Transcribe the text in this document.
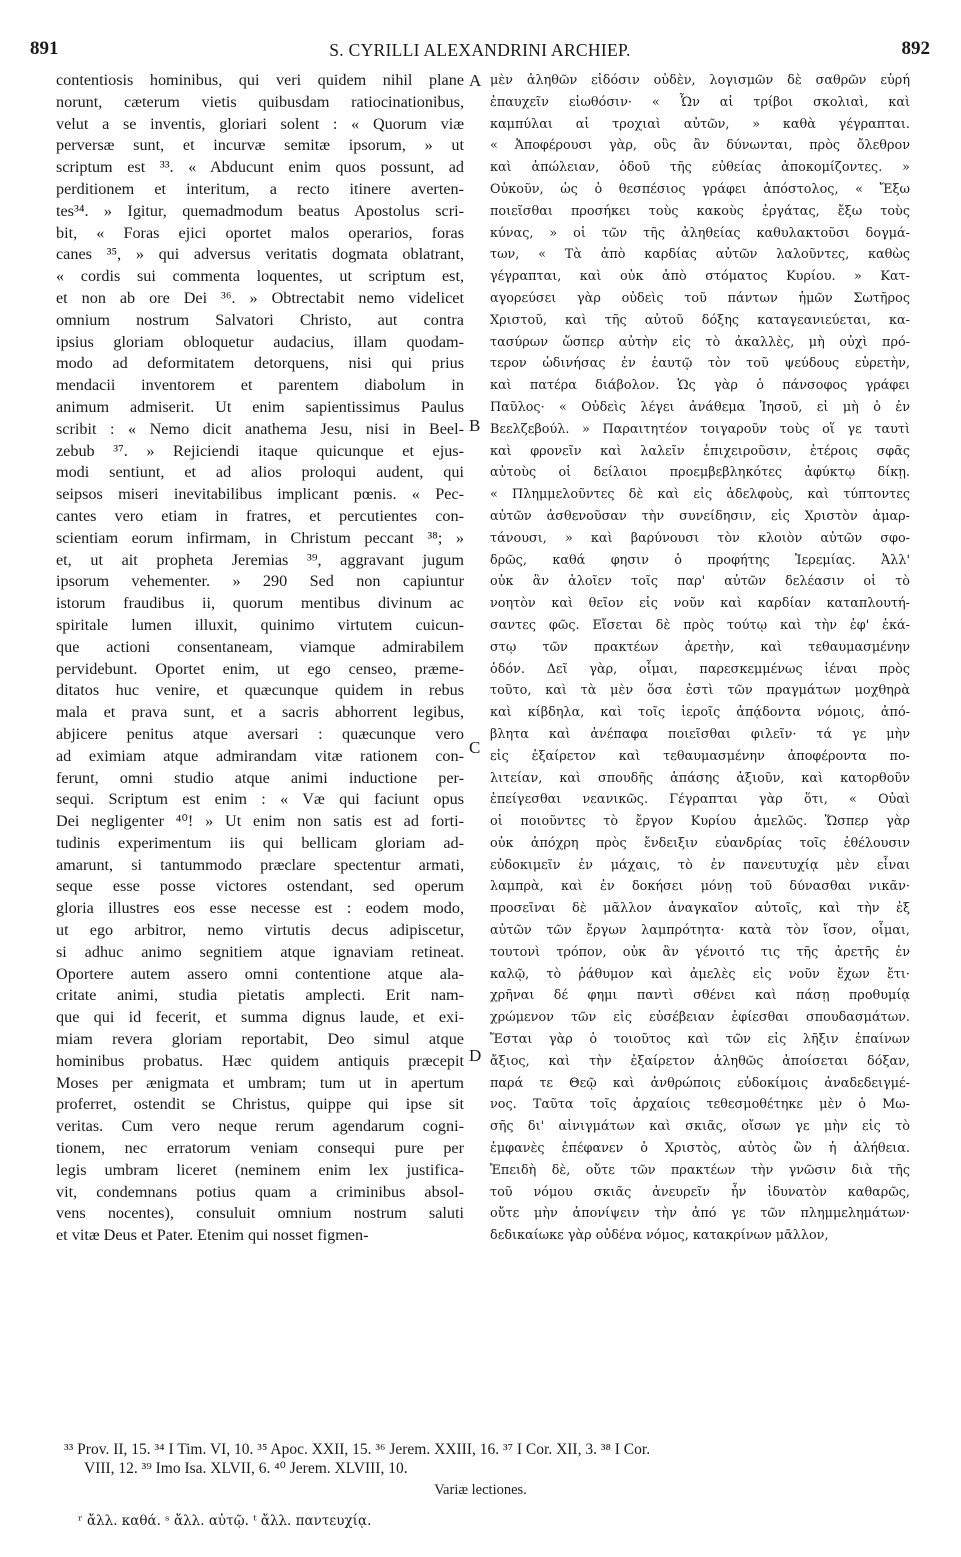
891	S. CYRILLI ALEXANDRINI ARCHIEP.	892
contentiosis hominibus, qui veri quidem nihil plane
norunt, cæterum vietis quibusdam ratiocinationibus,
velut a se inventis, gloriari solent : « Quorum viæ
perversæ sunt, et incurvæ semitæ ipsorum, » ut
scriptum est ³³. « Abducunt enim quos possunt, ad
perditionem et interitum, a recto itinere averten-
tes³⁴. » Igitur, quemadmodum beatus Apostolus scri-
bit, « Foras ejici oportet malos operarios, foras
canes ³⁵, » qui adversus veritatis dogmata oblatrant,
« cordis sui commenta loquentes, ut scriptum est,
et non ab ore Dei ³⁶. » Obtrectabit nemo videlicet
omnium nostrum Salvatori Christo, aut contra
ipsius gloriam obloquetur audacius, illam quodam-
modo ad deformitatem detorquens, nisi qui prius
mendacii inventorem et parentem diabolum in
animum admiserit. Ut enim sapientissimus Paulus
scribit : « Nemo dicit anathema Jesu, nisi in Beel-
zebub ³⁷. » Rejiciendi itaque quicunque et ejus-
modi sentiunt, et ad alios proloqui audent, qui
seipsos miseri inevitabilibus implicant pœnis. « Pec-
cantes vero etiam in fratres, et percutientes con-
scientiam eorum infirmam, in Christum peccant ³⁸; »
et, ut ait propheta Jeremias ³⁹, aggravant jugum
ipsorum vehementer. » 290 Sed non capiuntur
istorum fraudibus ii, quorum mentibus divinum ac
spiritale lumen illuxit, quinimo virtutem cuicun-
que actioni consentaneam, viamque admirabilem
pervidebunt. Oportet enim, ut ego censeo, præme-
ditatos huc venire, et quæcunque quidem in rebus
mala et prava sunt, et a sacris abhorrent legibus,
abjicere penitus atque aversari : quæcunque vero
ad eximiam atque admirandam vitæ rationem con-
ferunt, omni studio atque animi inductione per-
sequi. Scriptum est enim : « Væ qui faciunt opus
Dei negligenter ⁴⁰! » Ut enim non satis est ad forti-
tudinis experimentum iis qui bellicam gloriam ad-
amarunt, si tantummodo præclare spectentur armati,
seque esse posse victores ostendant, sed operum
gloria illustres eos esse necesse est : eodem modo,
ut ego arbitror, nemo virtutis decus adipiscetur,
si adhuc animo segnitiem atque ignaviam retineat.
Oportere autem assero omni contentione atque ala-
critate animi, studia pietatis amplecti. Erit nam-
que qui id fecerit, et summa dignus laude, et exi-
miam revera gloriam reportabit, Deo simul atque
hominibus probatus. Hæc quidem antiquis præcepit
Moses per ænigmata et umbram; tum ut in apertum
proferret, ostendit se Christus, quippe qui ipse sit
veritas. Cum vero neque rerum agendarum cogni-
tionem, nec erratorum veniam consequi pure per
legis umbram liceret (neminem enim lex justifica-
vit, condemnans potius quam a criminibus absol-
vens nocentes), consuluit omnium nostrum saluti
et vitæ Deus et Pater. Etenim qui nosset figmen-
μὲν ἀληθῶν εἰδόσιν οὐδὲν, λογισμῶν δὲ σαθρῶν εὑρή
ἐπαυχεῖν εἰωθόσιν· « Ὧν αἱ τρίβοι σκολιαὶ, καὶ
καμπύλαι αἱ τροχιαὶ αὐτῶν, » καθὰ γέγραπται.
« Ἀποφέρουσι γὰρ, οὓς ἂν δύνωνται, πρὸς ὄλεθρον
καὶ ἀπώλειαν, ὁδοῦ τῆς εὐθείας ἀποκομίζοντες. »
Οὐκοῦν, ὡς ὁ θεσπέσιος γράφει ἀπόστολος, « Ἔξω
ποιεῖσθαι προσήκει τοὺς κακοὺς ἐργάτας, ἔξω τοὺς
κύνας, » οἱ τῶν τῆς ἀληθείας καθυλακτοῦσι δογμά-
των, « Τὰ ἀπὸ καρδίας αὐτῶν λαλοῦντες, καθὼς
γέγραπται, καὶ οὐκ ἀπὸ στόματος Κυρίου. » Κατ-
αγορεύσει γὰρ οὐδεὶς τοῦ πάντων ἡμῶν Σωτῆρος
Χριστοῦ, καὶ τῆς αὐτοῦ δόξης καταγεανιεύεται, κα-
τασύρων ὥσπερ αὐτὴν εἰς τὸ ἀκαλλὲς, μὴ οὐχὶ πρό-
τερον ὠδινήσας ἐν ἑαυτῷ τὸν τοῦ ψεύδους εὑρετὴν,
καὶ πατέρα διάβολον. Ὡς γὰρ ὁ πάνσοφος γράφει
Παῦλος· « Οὐδεὶς λέγει ἀνάθεμα Ἰησοῦ, εἰ μὴ ὁ ἐν
Βεελζεβούλ. » Παραιτητέον τοιγαροῦν τοὺς οἵ γε ταυτὶ
καὶ φρονεῖν καὶ λαλεῖν ἐπιχειροῦσιν, ἑτέροις σφᾶς
αὐτοὺς οἱ δείλαιοι προεμβεβληκότες ἀφύκτῳ δίκῃ.
« Πλημμελοῦντες δὲ καὶ εἰς ἀδελφοὺς, καὶ τύπτοντες
αὐτῶν ἀσθενοῦσαν τὴν συνείδησιν, εἰς Χριστὸν ἁμαρ-
τάνουσι, » καὶ βαρύνουσι τὸν κλοιὸν αὐτῶν σφο-
δρῶς, καθά φησιν ὁ προφήτης Ἱερεμίας. Ἀλλ'
οὐκ ἂν ἁλοῖεν τοῖς παρ' αὐτῶν δελέασιν οἱ τὸ
νοητὸν καὶ θεῖον εἰς νοῦν καὶ καρδίαν καταπλουτή-
σαντες φῶς. Εἴσεται δὲ πρὸς τούτῳ καὶ τὴν ἐφ' ἑκά-
στῳ τῶν πρακτέων ἀρετὴν, καὶ τεθαυμασμένην
ὁδόν. Δεῖ γὰρ, οἶμαι, παρεσκεμμένως ἰέναι πρὸς
τοῦτο, καὶ τὰ μὲν ὅσα ἐστὶ τῶν πραγμάτων μοχθηρὰ
καὶ κίβδηλα, καὶ τοῖς ἱεροῖς ἀπᾴδοντα νόμοις, ἀπό-
βλητα καὶ ἀνέπαφα ποιεῖσθαι φιλεῖν· τά γε μὴν
εἰς ἐξαίρετον καὶ τεθαυμασμένην ἀποφέροντα πο-
λιτείαν, καὶ σπουδῆς ἁπάσης ἀξιοῦν, καὶ κατορθοῦν
ἐπείγεσθαι νεανικῶς. Γέγραπται γὰρ ὅτι, « Οὐαὶ
οἱ ποιοῦντες τὸ ἔργον Κυρίου ἀμελῶς. Ὥσπερ γὰρ
οὐκ ἀπόχρη πρὸς ἔνδειξιν εὐανδρίας τοῖς ἐθέλουσιν
εὐδοκιμεῖν ἐν μάχαις, τὸ ἐν πανευτυχίᾳ μὲν εἶναι
λαμπρὰ, καὶ ἐν δοκήσει μόνῃ τοῦ δύνασθαι νικᾶν·
προσεῖναι δὲ μᾶλλον ἀναγκαῖον αὐτοῖς, καὶ τὴν ἐξ
αὐτῶν τῶν ἔργων λαμπρότητα· κατὰ τὸν ἴσον, οἶμαι,
τουτονὶ τρόπον, οὐκ ἂν γένοιτό τις τῆς ἀρετῆς ἐν
καλῷ, τὸ ῥάθυμον καὶ ἀμελὲς εἰς νοῦν ἔχων ἔτι·
χρῆναι δέ φημι παντὶ σθένει καὶ πάσῃ προθυμίᾳ
χρώμενον τῶν εἰς εὐσέβειαν ἐφίεσθαι σπουδασμάτων.
Ἔσται γὰρ ὁ τοιοῦτος καὶ τῶν εἰς λῆξιν ἐπαίνων
ἄξιος, καὶ τὴν ἐξαίρετον ἀληθῶς ἀποίσεται δόξαν,
παρά τε Θεῷ καὶ ἀνθρώποις εὐδοκίμοις ἀναδεδειγμέ-
νος. Ταῦτα τοῖς ἀρχαίοις τεθεσμοθέτηκε μὲν ὁ Μω-
σῆς δι' αἰνιγμάτων καὶ σκιᾶς, οἴσων γε μὴν εἰς τὸ
ἐμφανὲς ἐπέφανεν ὁ Χριστὸς, αὐτὸς ὢν ἡ ἀλήθεια.
Ἐπειδὴ δὲ, οὔτε τῶν πρακτέων τὴν γνῶσιν διὰ τῆς
τοῦ νόμου σκιᾶς ἀνευρεῖν ἦν ἰδυνατὸν καθαρῶς,
οὔτε μὴν ἀπονίψειν τὴν ἀπό γε τῶν πλημμελημάτων·
δεδικαίωκε γὰρ οὐδένα νόμος, κατακρίνων μᾶλλον,
A
B
C
D
³³ Prov. II, 15. ³⁴ I Tim. VI, 10. ³⁵ Apoc. XXII, 15. ³⁶ Jerem. XXIII, 16. ³⁷ I Cor. XII, 3. ³⁸ I Cor.
VIII, 12. ³⁹ Imo Isa. XLVII, 6. ⁴⁰ Jerem. XLVIII, 10.
Variæ lectiones.
ʳ ἄλλ. καθά. ˢ ἄλλ. αὐτῷ. ᵗ ἄλλ. παντευχίᾳ.
